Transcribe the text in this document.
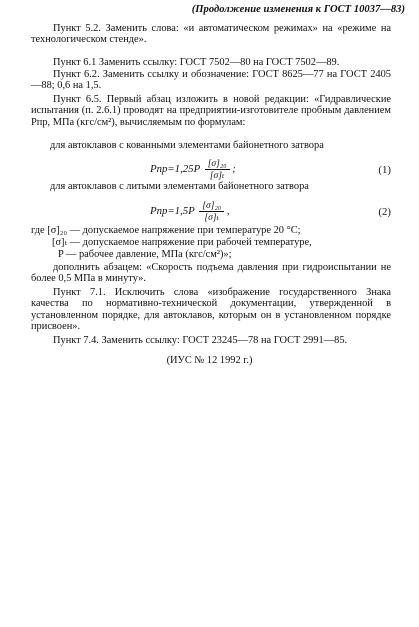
(Продолжение изменения к ГОСТ 10037—83)

Пункт 5.2. Заменить слова: «и автоматическом режимах» на «режиме на технологическом стенде».

Пункт 6.1 Заменить ссылку: ГОСТ 7502—80 на ГОСТ 7502—89.

Пункт 6.2. Заменить ссылку и обозначение: ГОСТ 8625—77 на ГОСТ 2405—88; 0,6 на 1,5.

Пункт 6.5. Первый абзац изложить в новой редакции: «Гидравлические испытания (п. 2.6.1) проводят на предприятии-изготовителе пробным давлением Pпр, МПа (кгс/см²), вычисляемым по формулам:

для автоклавов с кованными элементами байонетного затвора
$Pпр=1,25P \frac{\text{[σ]₂₀}}{\text{[σ]ₜ}}$ ;	(1)
для автоклавов с литыми элементами байонетного затвора
$Pпр=1,5P \frac{\text{[σ]₂₀}}{\text{[σ]ₜ}}$ ,	(2)
где [σ]₂₀ — допускаемое напряжение при температуре 20 °С;
[σ]ₜ — допускаемое напряжение при рабочей температуре,
P — рабочее давление, МПа (кгс/см²)»;

дополнить абзацем: «Скорость подъема давления при гидроиспытании не более 0,5 МПа в минуту».

Пункт 7.1. Исключить слова «изображение государственного Знака качества по нормативно-технической документации, утвержденной в установленном порядке, для автоклавов, которым он в установленном порядке присвоен».

Пункт 7.4. Заменить ссылку: ГОСТ 23245—78 на ГОСТ 2991—85.

(ИУС № 12 1992 г.)
